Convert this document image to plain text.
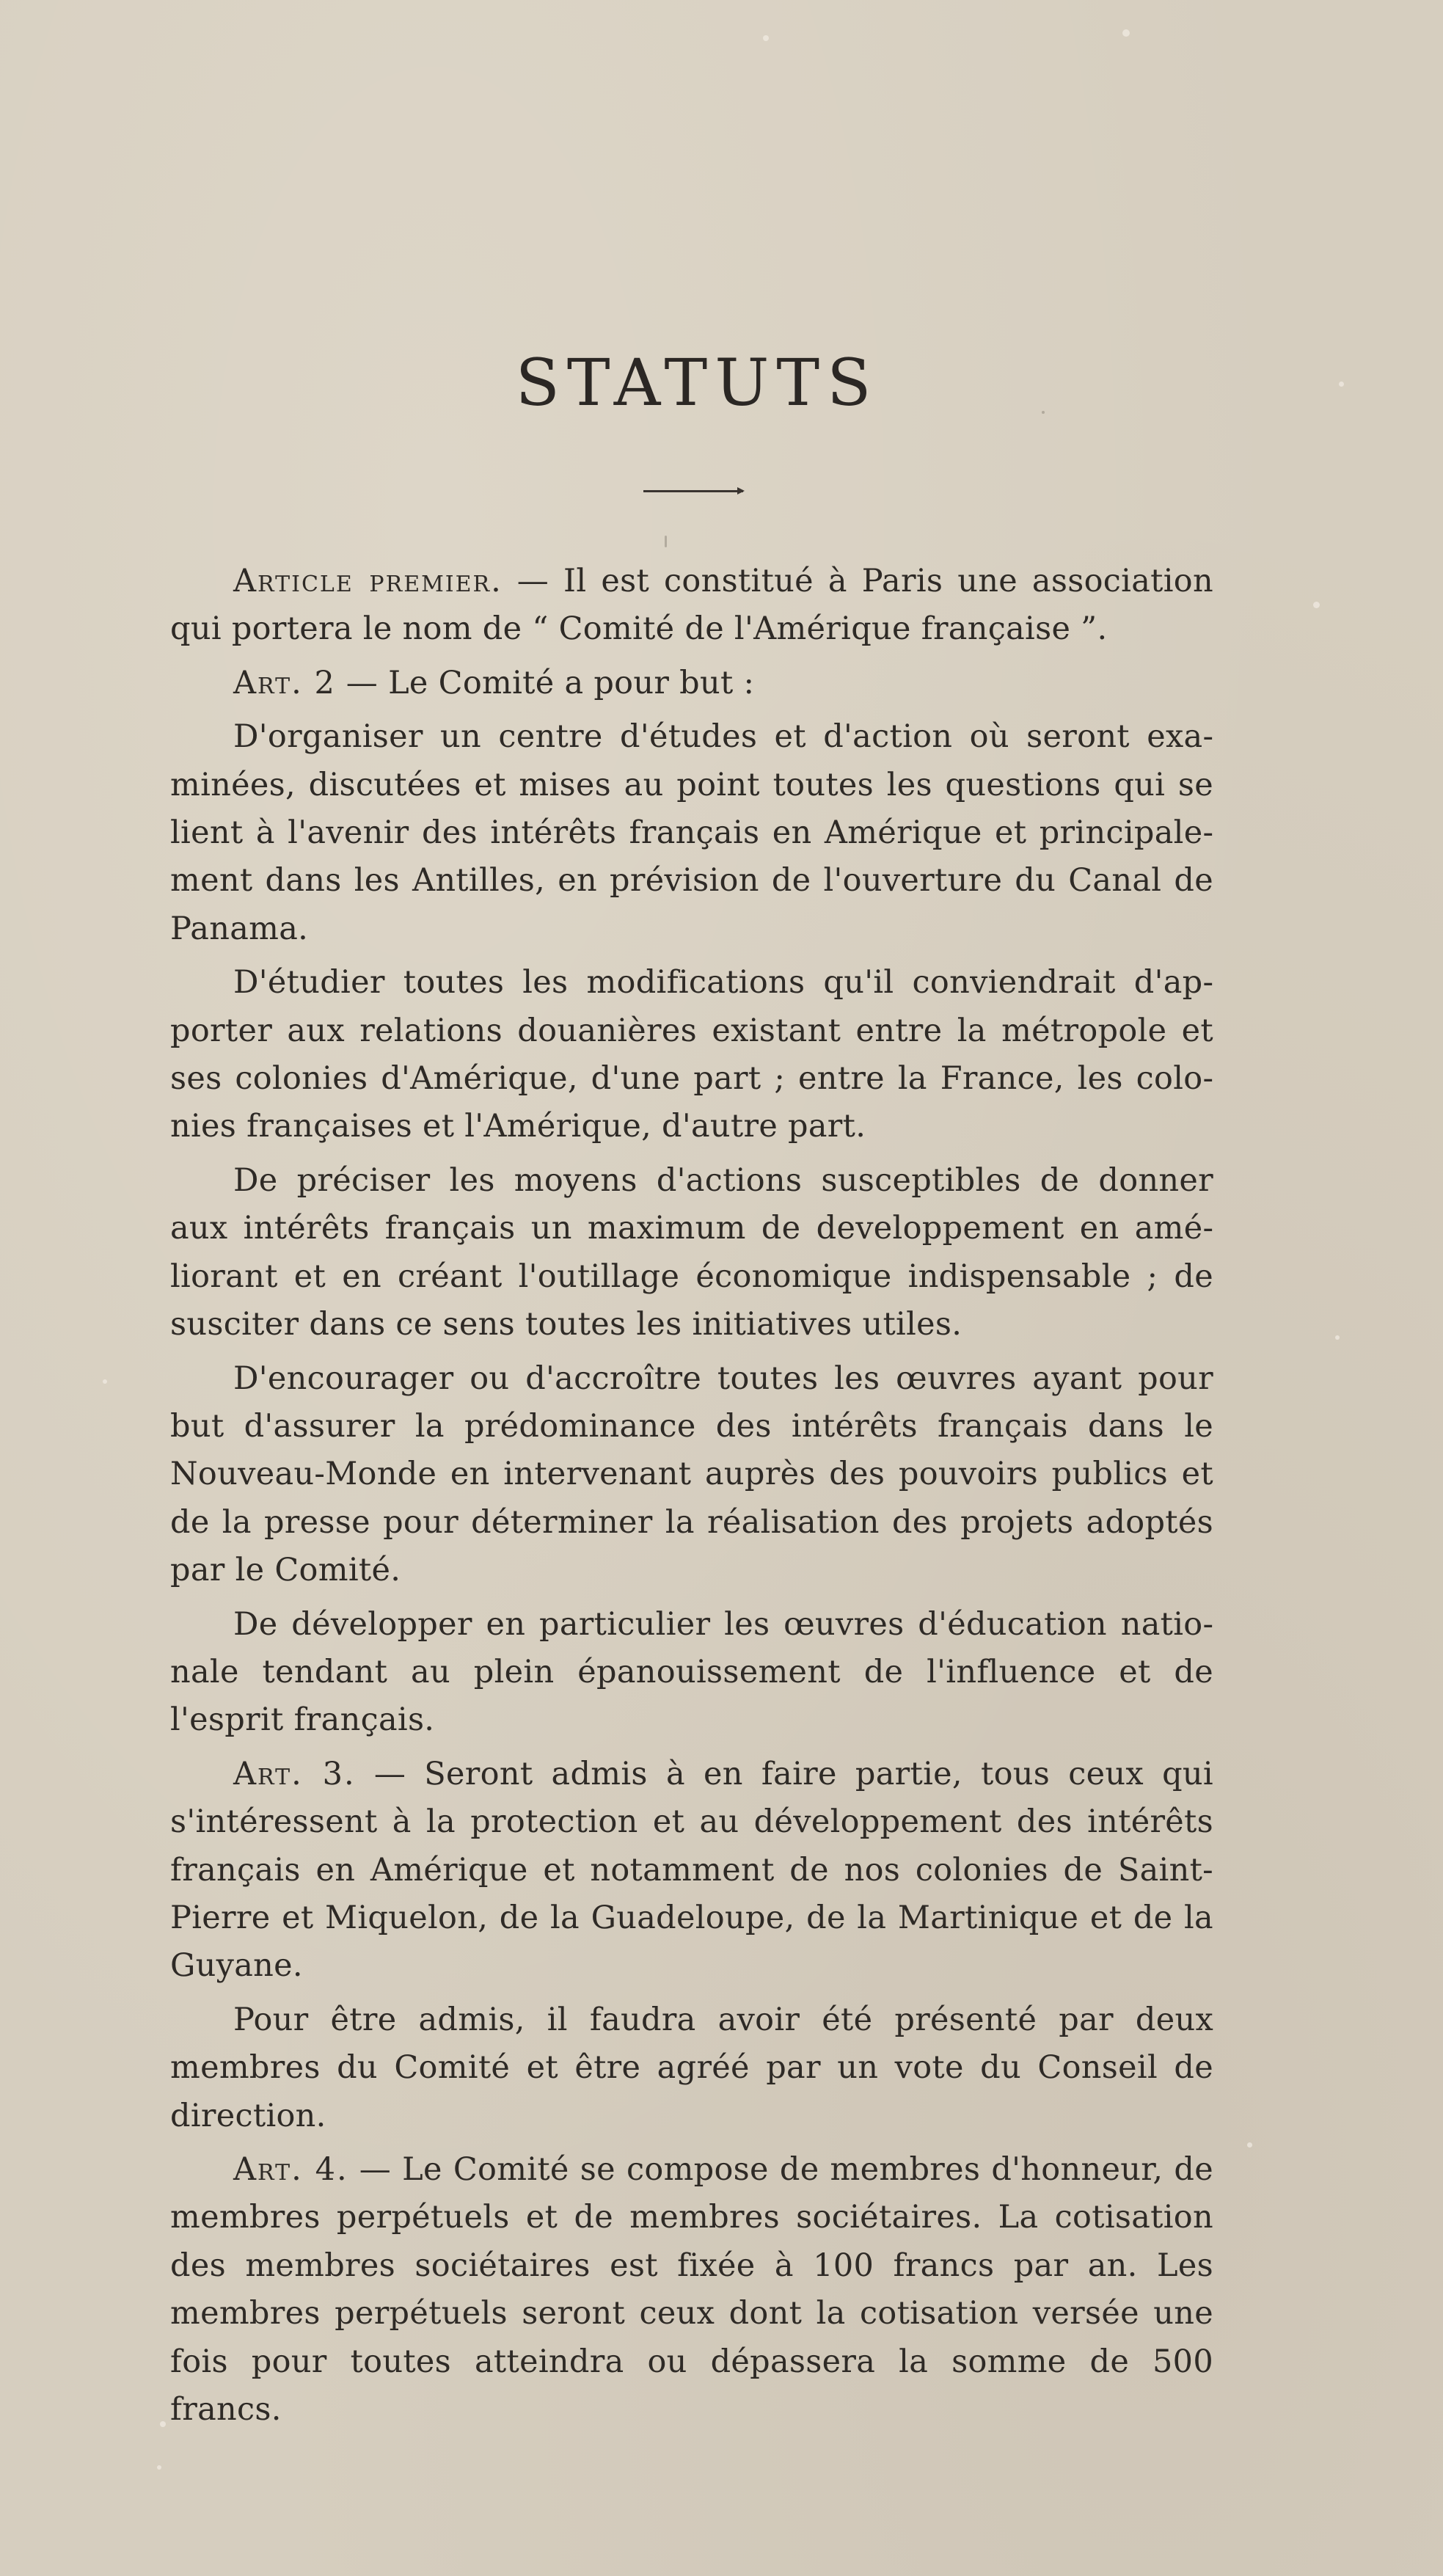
STATUTS

Article premier. — Il est constitué à Paris une association qui portera le nom de “ Comité de l'Amérique française ”.

Art. 2 — Le Comité a pour but :

D'organiser un centre d'études et d'action où seront examinées, discutées et mises au point toutes les questions qui se lient à l'avenir des intérêts français en Amérique et principalement dans les Antilles, en prévision de l'ouverture du Canal de Panama.

D'étudier toutes les modifications qu'il conviendrait d'apporter aux relations douanières existant entre la métropole et ses colonies d'Amérique, d'une part ; entre la France, les colonies françaises et l'Amérique, d'autre part.

De préciser les moyens d'actions susceptibles de donner aux intérêts français un maximum de developpement en améliorant et en créant l'outillage économique indispensable ; de susciter dans ce sens toutes les initiatives utiles.

D'encourager ou d'accroître toutes les œuvres ayant pour but d'assurer la prédominance des intérêts français dans le Nouveau-Monde en intervenant auprès des pouvoirs publics et de la presse pour déterminer la réalisation des projets adoptés par le Comité.

De développer en particulier les œuvres d'éducation nationale tendant au plein épanouissement de l'influence et de l'esprit français.

Art. 3. — Seront admis à en faire partie, tous ceux qui s'intéressent à la protection et au développement des intérêts français en Amérique et notamment de nos colonies de Saint-Pierre et Miquelon, de la Guadeloupe, de la Martinique et de la Guyane.

Pour être admis, il faudra avoir été présenté par deux membres du Comité et être agréé par un vote du Conseil de direction.

Art. 4. — Le Comité se compose de membres d'honneur, de membres perpétuels et de membres sociétaires. La cotisation des membres sociétaires est fixée à 100 francs par an. Les membres perpétuels seront ceux dont la cotisation versée une fois pour toutes atteindra ou dépassera la somme de 500 francs.
